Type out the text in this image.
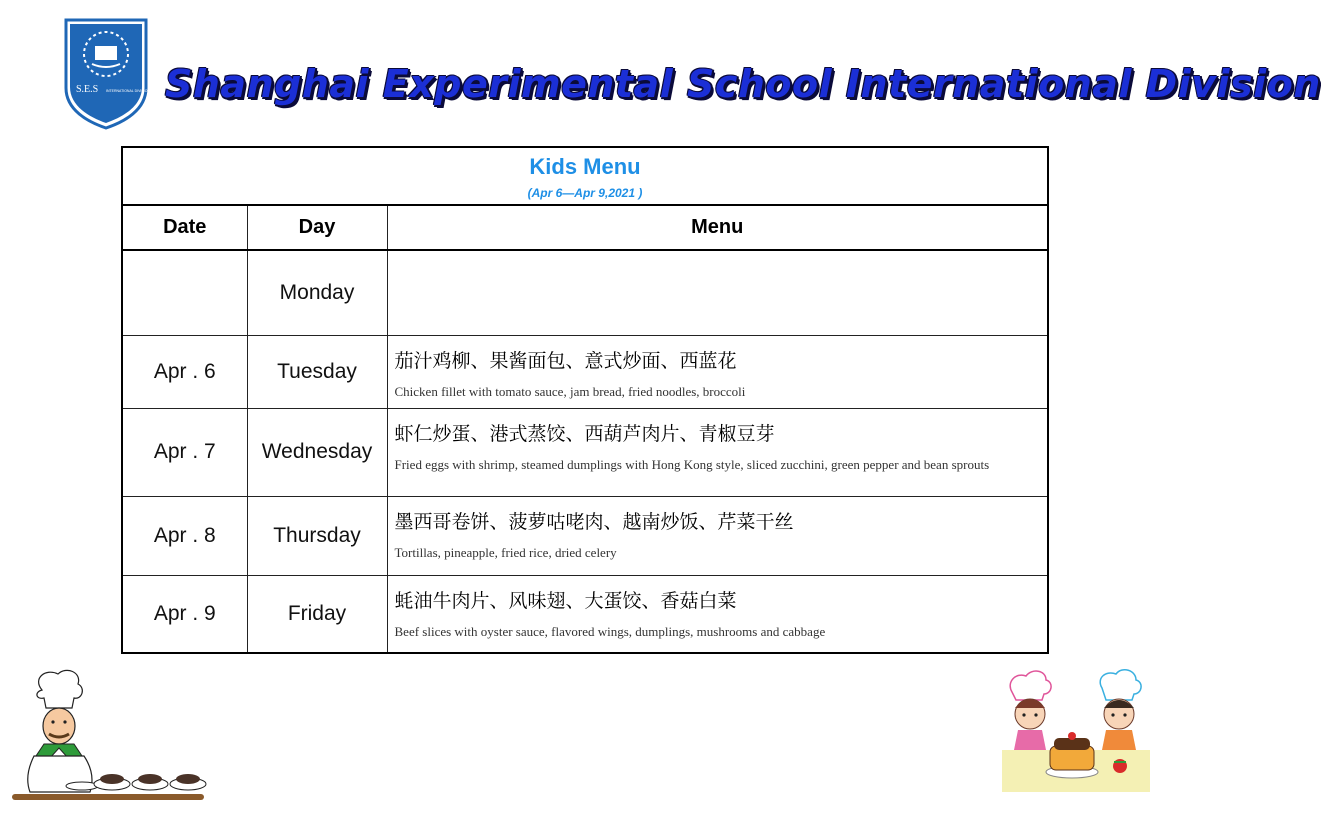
S.E.S INTERNATIONAL DIVISION Shanghai Experimental School International Division
Kids Menu
(Apr 6—Apr 9,2021 )		

Date	Day	Menu
	Monday	

Apr . 6	Tuesday	茄汁鸡柳、果酱面包、意式炒面、西蓝花
Chicken fillet with tomato sauce, jam bread, fried noodles, broccoli

Apr . 7	Wednesday	虾仁炒蛋、港式蒸饺、西葫芦肉片、青椒豆芽
Fried eggs with shrimp, steamed dumplings with Hong Kong style, sliced zucchini, green pepper and bean sprouts

Apr . 8	Thursday	墨西哥卷饼、菠萝咕咾肉、越南炒饭、芹菜干丝
Tortillas, pineapple, fried rice, dried celery

Apr . 9	Friday	蚝油牛肉片、风味翅、大蛋饺、香菇白菜
Beef slices with oyster sauce, flavored wings, dumplings, mushrooms and cabbage
